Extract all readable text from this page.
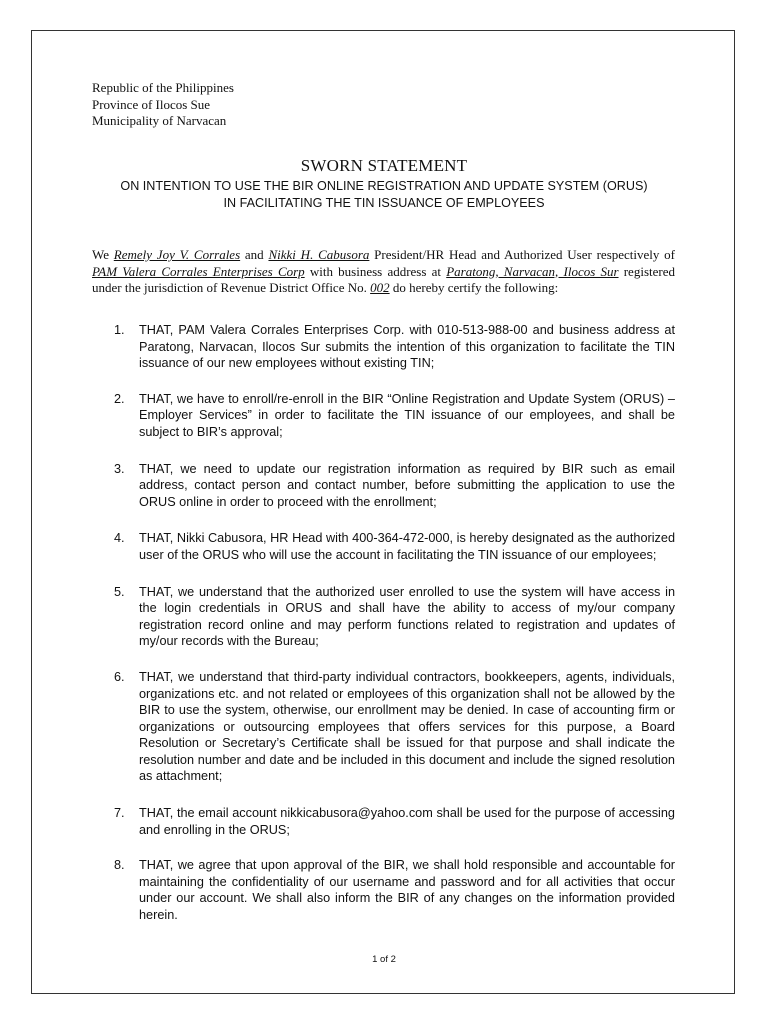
Republic of the Philippines
Province of Ilocos Sue
Municipality of Narvacan
SWORN STATEMENT
ON INTENTION TO USE THE BIR ONLINE REGISTRATION AND UPDATE SYSTEM (ORUS)
IN FACILITATING THE TIN ISSUANCE OF EMPLOYEES
We Remely Joy V. Corrales and Nikki H. Cabusora President/HR Head and Authorized User respectively of PAM Valera Corrales Enterprises Corp with business address at Paratong, Narvacan, Ilocos Sur registered under the jurisdiction of Revenue District Office No. 002 do hereby certify the following:
1. THAT, PAM Valera Corrales Enterprises Corp. with 010-513-988-00 and business address at Paratong, Narvacan, Ilocos Sur submits the intention of this organization to facilitate the TIN issuance of our new employees without existing TIN;
2. THAT, we have to enroll/re-enroll in the BIR “Online Registration and Update System (ORUS) – Employer Services” in order to facilitate the TIN issuance of our employees, and shall be subject to BIR’s approval;
3. THAT, we need to update our registration information as required by BIR such as email address, contact person and contact number, before submitting the application to use the ORUS online in order to proceed with the enrollment;
4. THAT, Nikki Cabusora, HR Head with 400-364-472-000, is hereby designated as the authorized user of the ORUS who will use the account in facilitating the TIN issuance of our employees;
5. THAT, we understand that the authorized user enrolled to use the system will have access in the login credentials in ORUS and shall have the ability to access of my/our company registration record online and may perform functions related to registration and updates of my/our records with the Bureau;
6. THAT, we understand that third-party individual contractors, bookkeepers, agents, individuals, organizations etc. and not related or employees of this organization shall not be allowed by the BIR to use the system, otherwise, our enrollment may be denied. In case of accounting firm or organizations or outsourcing employees that offers services for this purpose, a Board Resolution or Secretary’s Certificate shall be issued for that purpose and shall indicate the resolution number and date and be included in this document and include the signed resolution as attachment;
7. THAT, the email account nikkicabusora@yahoo.com shall be used for the purpose of accessing and enrolling in the ORUS;
8. THAT, we agree that upon approval of the BIR, we shall hold responsible and accountable for maintaining the confidentiality of our username and password and for all activities that occur under our account. We shall also inform the BIR of any changes on the information provided herein.
1 of 2
